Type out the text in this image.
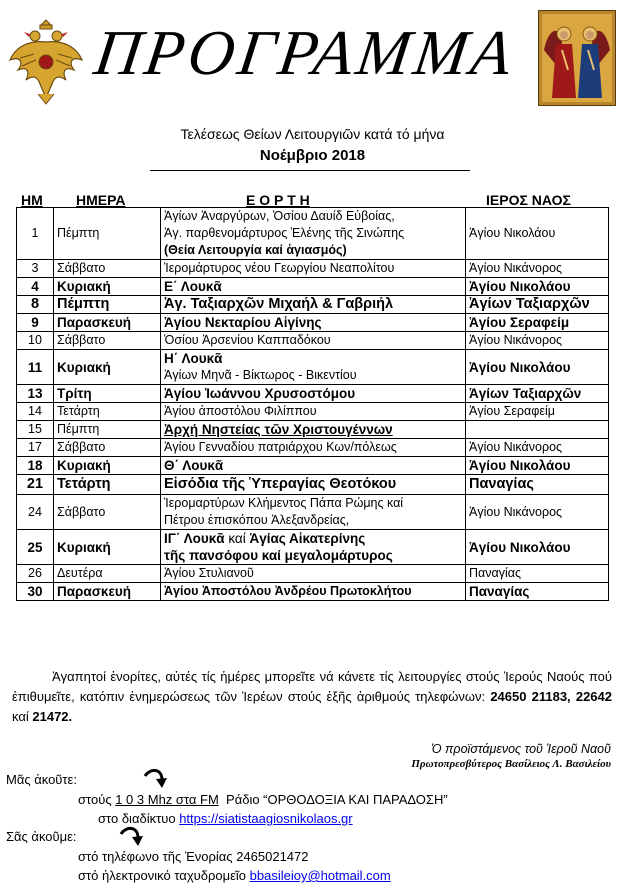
ΠΡΟΓΡΑΜΜΑ
Τελέσεως Θείων Λειτουργιῶν κατά τό μήνα
Νοέμβριο 2018
ΗΜ ΗΜΕΡΑ	Ε Ο Ρ Τ Η	ΙΕΡΟΣ ΝΑΟΣ
1	Πέμπτη	Ἁγίων Ἀναργύρων, Ὁσίου Δαυίδ Εὐβοίας,
Ἁγ. παρθενομάρτυρος Ἑλένης τῆς Σινώπης
(Θεία Λειτουργία καί ἁγιασμός)	Ἁγίου Νικολάου
3	Σάββατο	Ἱερομάρτυρος νέου Γεωργίου Νεαπολίτου	Ἁγίου Νικάνορος
4	Κυριακή	Ε΄ Λουκᾶ	Ἁγίου Νικολάου
8	Πέμπτη	Ἁγ. Ταξιαρχῶν Μιχαήλ & Γαβριήλ	Ἁγίων Ταξιαρχῶν
9	Παρασκευή	Ἁγίου Νεκταρίου Αἰγίνης	Ἁγίου Σεραφείμ
10	Σάββατο	Ὁσίου Ἀρσενίου Καππαδόκου	Ἁγίου Νικάνορος
11	Κυριακή	Η΄ Λουκᾶ
Ἁγίων Μηνᾶ - Βίκτωρος - Βικεντίου	Ἁγίου Νικολάου
13	Τρίτη	Ἁγίου Ἰωάννου Χρυσοστόμου	Ἁγίων Ταξιαρχῶν
14	Τετάρτη	Ἁγίου ἀποστόλου Φιλίππου	Ἁγίου Σεραφείμ
15	Πέμπτη	Ἀρχή Νηστείας τῶν Χριστουγέννων	
17	Σάββατο	Ἁγίου Γενναδίου πατριάρχου Κων/πόλεως	Ἁγίου Νικάνορος
18	Κυριακή	Θ΄ Λουκᾶ	Ἁγίου Νικολάου
21	Τετάρτη	Εἰσόδια τῆς Ὑπεραγίας Θεοτόκου	Παναγίας
24	Σάββατο	Ἱερομαρτύρων Κλήμεντος Πάπα Ρώμης καί
Πέτρου ἐπισκόπου Ἀλεξανδρείας,	Ἁγίου Νικάνορος
25	Κυριακή	ΙΓ΄ Λουκᾶ καί Ἁγίας Αἰκατερίνης
τῆς πανσόφου καί μεγαλομάρτυρος	Ἁγίου Νικολάου
26	Δευτέρα	Ἁγίου Στυλιανοῦ	Παναγίας
30	Παρασκευή	Ἁγίου Ἀποστόλου Ἀνδρέου Πρωτοκλήτου	Παναγίας
Ἀγαπητοί ἐνορίτες, αὐτές τίς ἡμέρες μπορεῖτε νά κάνετε τίς λειτουργίες στούς Ἱερούς Ναούς πού ἐπιθυμεῖτε, κατόπιν ἐνημερώσεως τῶν Ἱερέων στούς ἑξῆς ἀριθμούς τηλεφώνων: 24650 21183, 22642 καί 21472.
Ὁ προϊστάμενος τοῦ Ἱεροῦ Ναοῦ
Πρωτοπρεσβύτερος Βασίλειος Λ. Βασιλείου
Μᾶς ἀκοῦτε:
στούς 1 0 3 Mhz στα FM Ράδιο “ΟΡΘΟΔΟΞΙΑ ΚΑΙ ΠΑΡΑΔΟΣΗ”
στο διαδίκτυο https://siatistaagiosnikolaos.gr
Σᾶς ἀκοῦμε:
στό τηλέφωνο τῆς Ἐνορίας 2465021472
στό ἠλεκτρονικό ταχυδρομεῖο bbasileioy@hotmail.com
